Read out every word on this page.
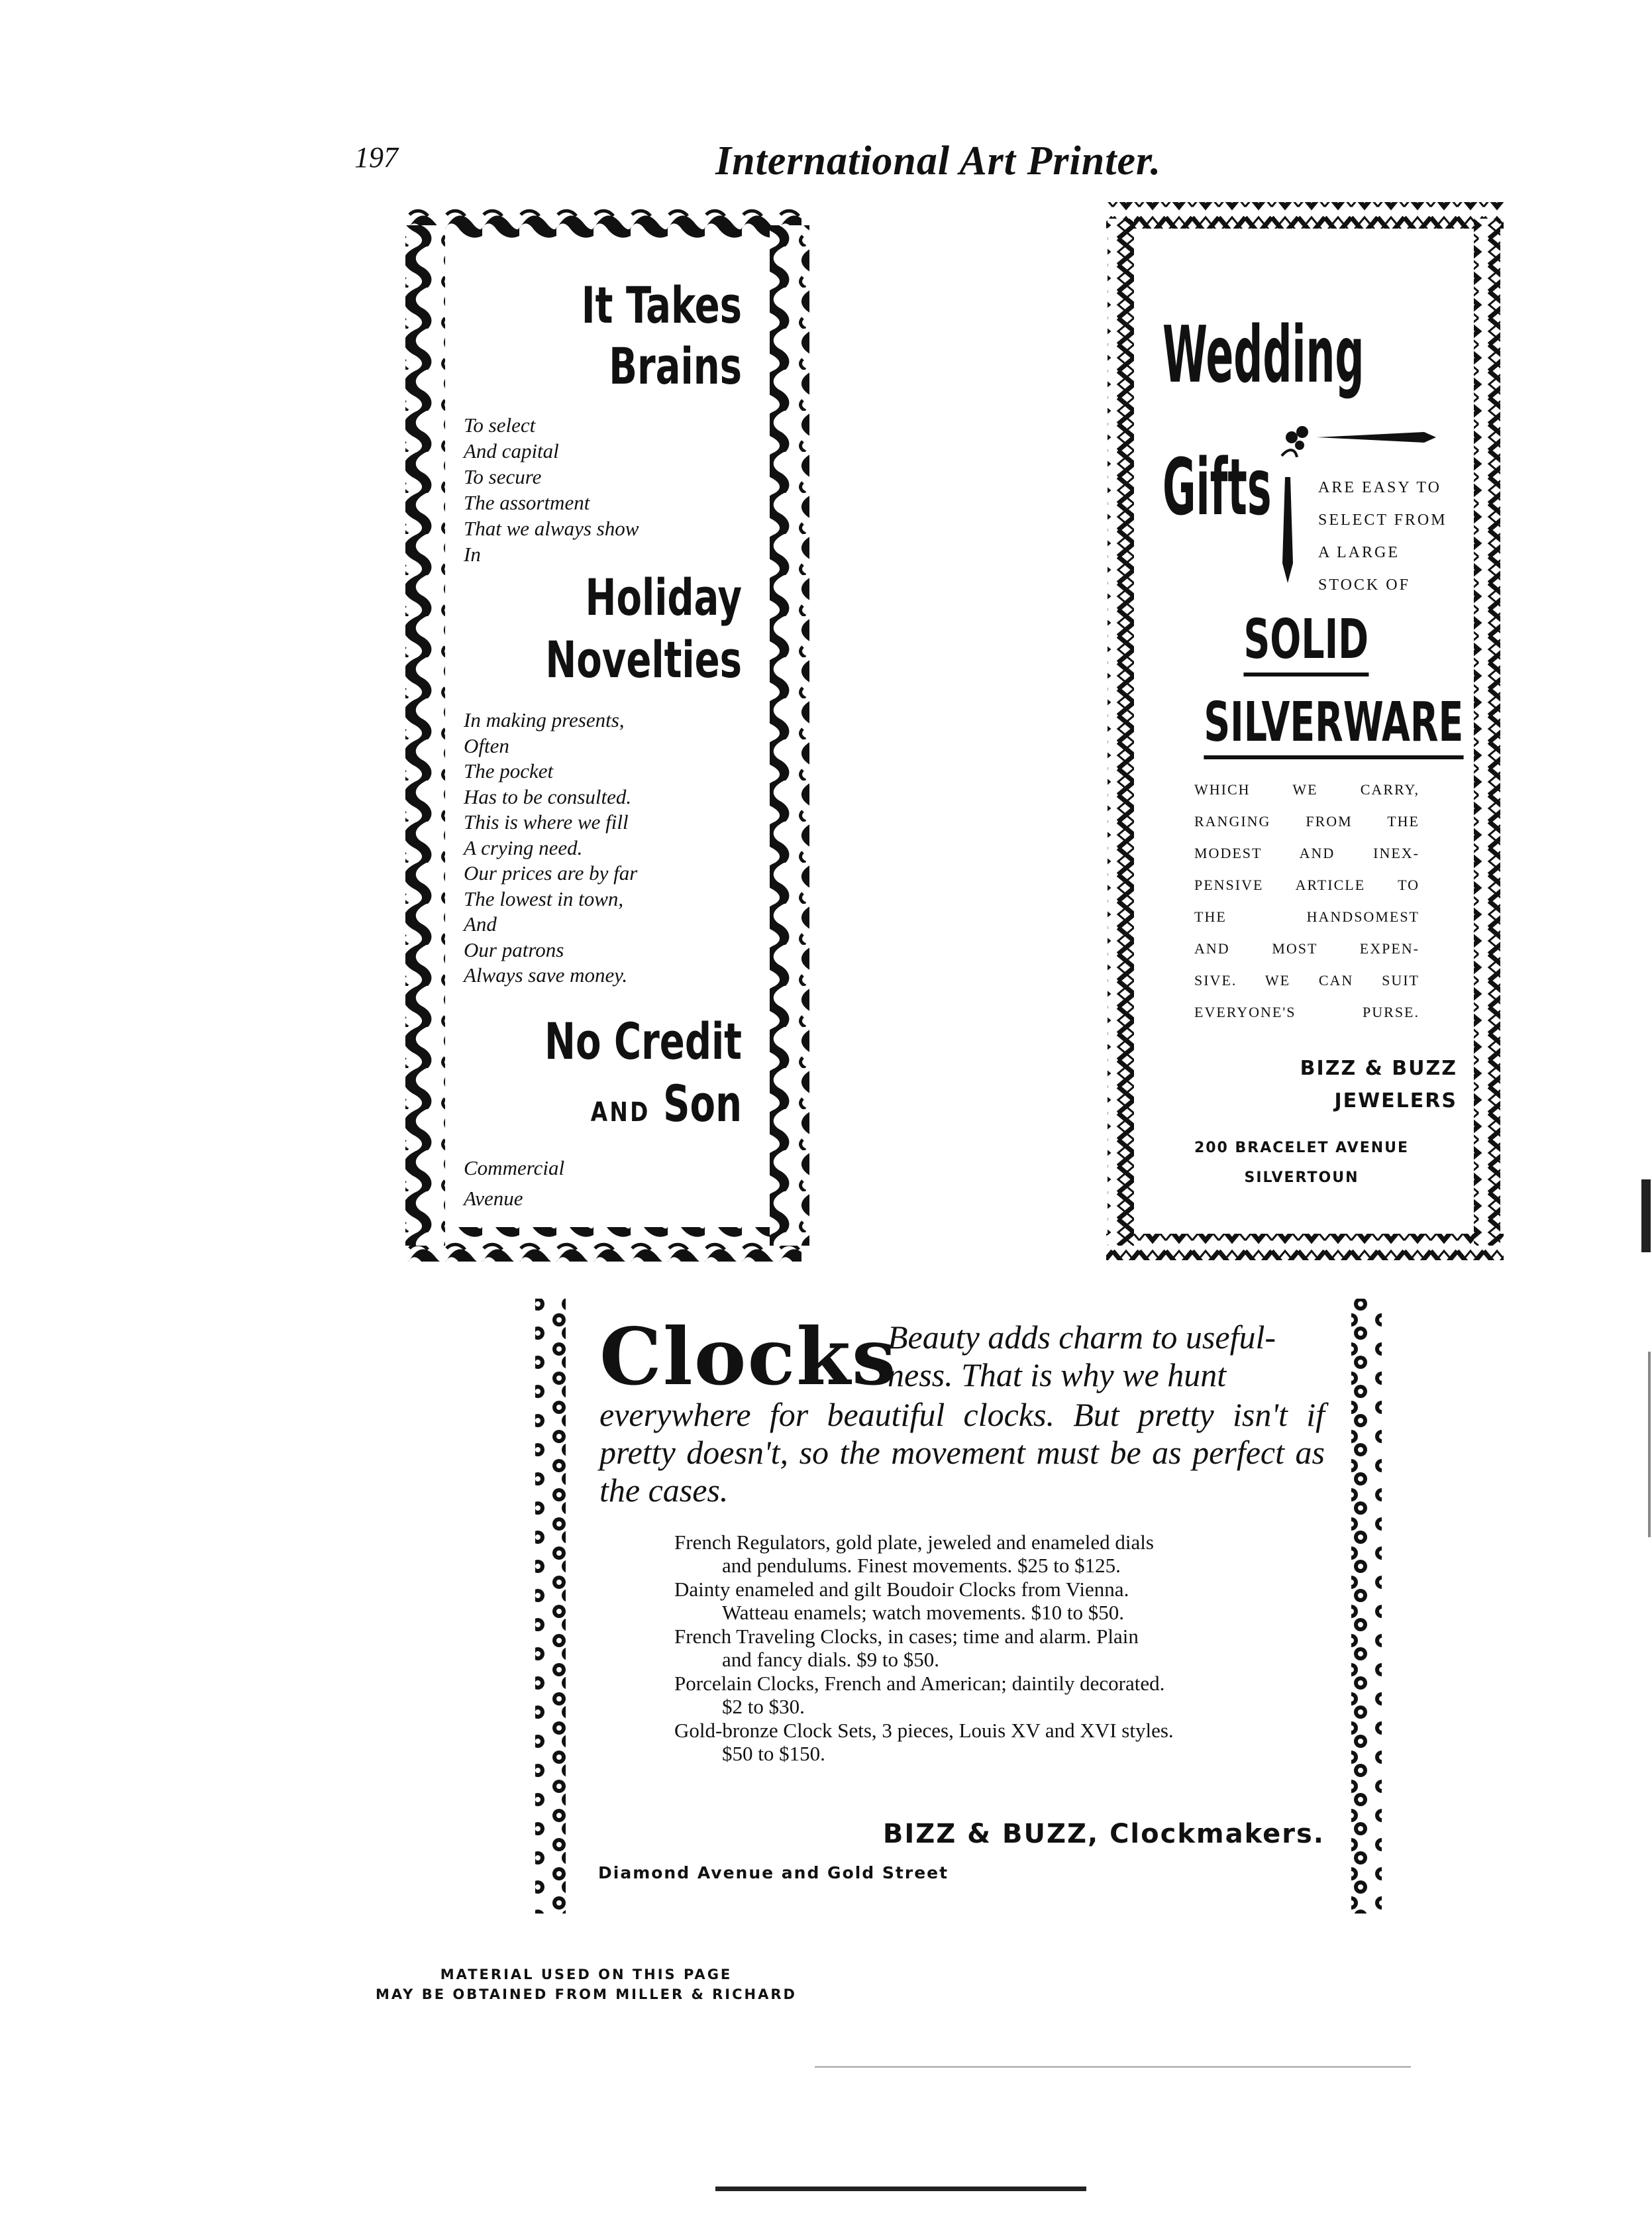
197	International Art Printer.
It Takes
Brains
To select
And capital
To secure
The assortment
That we always show
In
Holiday
Novelties
In making presents,
Often
The pocket
Has to be consulted.
This is where we fill
A crying need.
Our prices are by far
The lowest in town,
And
Our patrons
Always save money.
No Credit
AND Son
Commercial
Avenue
Wedding
Gifts	ARE EASY TO
SELECT FROM
A LARGE
STOCK OF
SOLID
SILVERWARE
WHICH WE CARRY,
RANGING FROM THE
MODEST AND INEX-
PENSIVE ARTICLE TO
THE HANDSOMEST
AND MOST EXPEN-
SIVE. WE CAN SUIT
EVERYONE'S PURSE.
BIZZ & BUZZ
JEWELERS
200 BRACELET AVENUE
SILVERTOUN
Clocks
Beauty adds charm to useful-ness. That is why we hunt
everywhere for beautiful clocks. But pretty isn't if pretty doesn't, so the movement must be as perfect as the cases.
French Regulators, gold plate, jeweled and enameled dials
and pendulums. Finest movements. $25 to $125.
Dainty enameled and gilt Boudoir Clocks from Vienna.
Watteau enamels; watch movements. $10 to $50.
French Traveling Clocks, in cases; time and alarm. Plain
and fancy dials. $9 to $50.
Porcelain Clocks, French and American; daintily decorated.
$2 to $30.
Gold-bronze Clock Sets, 3 pieces, Louis XV and XVI styles.
$50 to $150.
BIZZ & BUZZ, Clockmakers.
Diamond Avenue and Gold Street
MATERIAL USED ON THIS PAGE
MAY BE OBTAINED FROM MILLER & RICHARD
